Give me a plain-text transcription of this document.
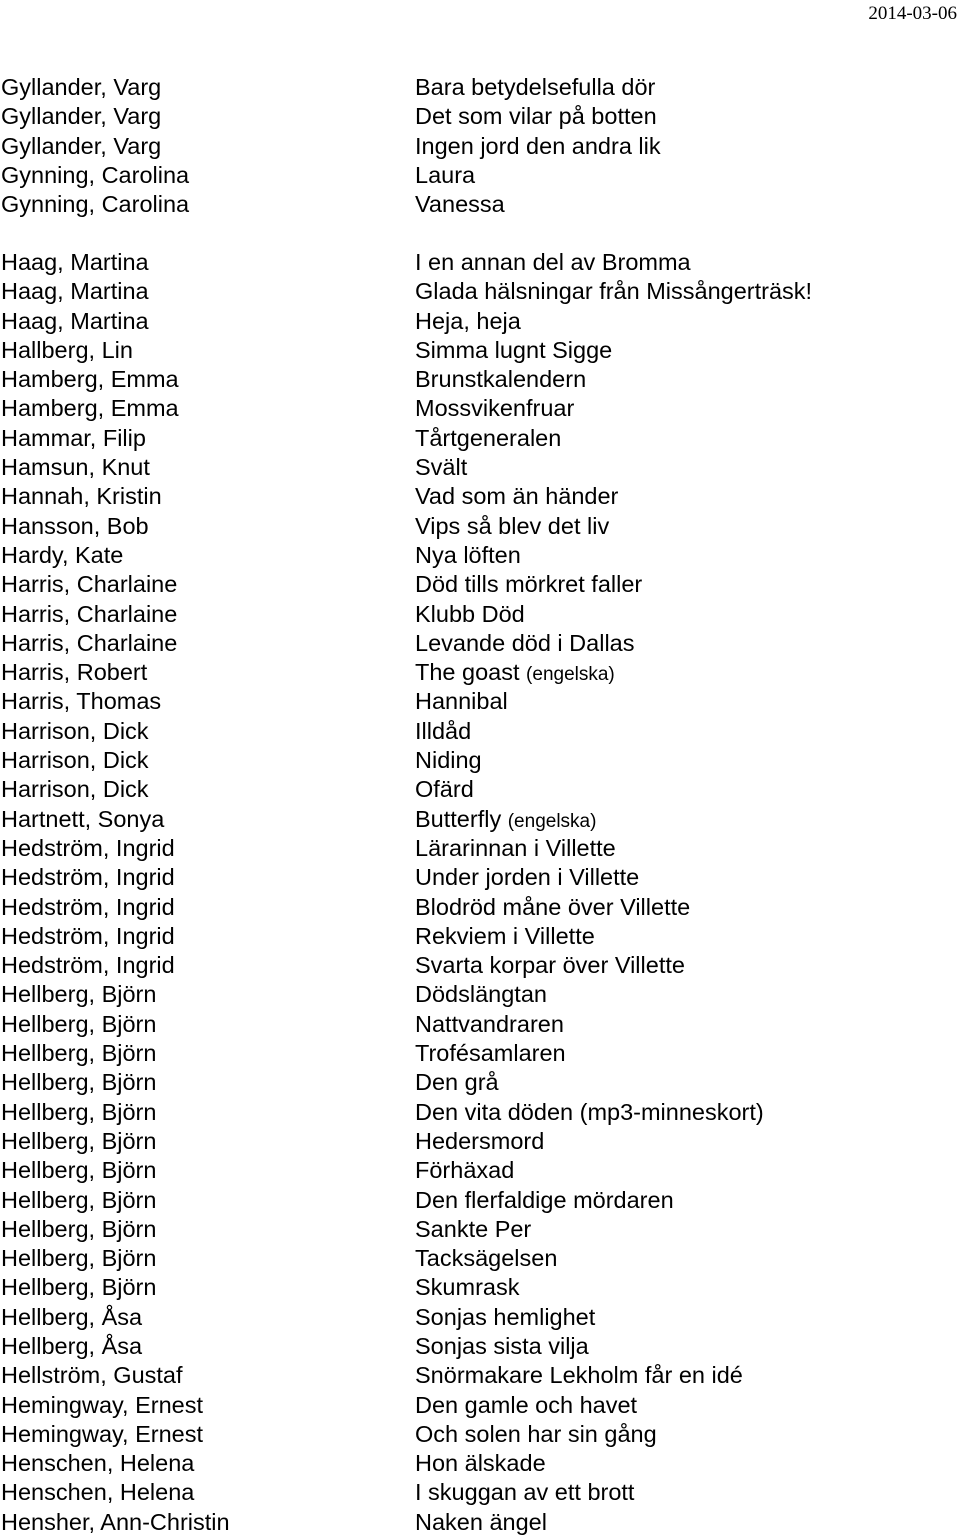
2014-03-06
Gyllander, Varg	Bara betydelsefulla dör
Gyllander, Varg	Det som vilar på botten
Gyllander, Varg	Ingen jord den andra lik
Gynning, Carolina	Laura
Gynning, Carolina	Vanessa
Haag, Martina	I en annan del av Bromma
Haag, Martina	Glada hälsningar från Missångerträsk!
Haag, Martina	Heja, heja
Hallberg, Lin	Simma lugnt Sigge
Hamberg, Emma	Brunstkalendern
Hamberg, Emma	Mossvikenfruar
Hammar, Filip	Tårtgeneralen
Hamsun, Knut	Svält
Hannah, Kristin	Vad som än händer
Hansson, Bob	Vips så blev det liv
Hardy, Kate	Nya löften
Harris, Charlaine	Död tills mörkret faller
Harris, Charlaine	Klubb Död
Harris, Charlaine	Levande död i Dallas
Harris, Robert	The goast (engelska)
Harris, Thomas	Hannibal
Harrison, Dick	Illdåd
Harrison, Dick	Niding
Harrison, Dick	Ofärd
Hartnett, Sonya	Butterfly (engelska)
Hedström, Ingrid	Lärarinnan i Villette
Hedström, Ingrid	Under jorden i Villette
Hedström, Ingrid	Blodröd måne över Villette
Hedström, Ingrid	Rekviem i Villette
Hedström, Ingrid	Svarta korpar över Villette
Hellberg, Björn	Dödslängtan
Hellberg, Björn	Nattvandraren
Hellberg, Björn	Trofésamlaren
Hellberg, Björn	Den grå
Hellberg, Björn	Den vita döden (mp3-minneskort)
Hellberg, Björn	Hedersmord
Hellberg, Björn	Förhäxad
Hellberg, Björn	Den flerfaldige mördaren
Hellberg, Björn	Sankte Per
Hellberg, Björn	Tacksägelsen
Hellberg, Björn	Skumrask
Hellberg, Åsa	Sonjas hemlighet
Hellberg, Åsa	Sonjas sista vilja
Hellström, Gustaf	Snörmakare Lekholm får en idé
Hemingway, Ernest	Den gamle och havet
Hemingway, Ernest	Och solen har sin gång
Henschen, Helena	Hon älskade
Henschen, Helena	I skuggan av ett brott
Hensher, Ann-Christin	Naken ängel
